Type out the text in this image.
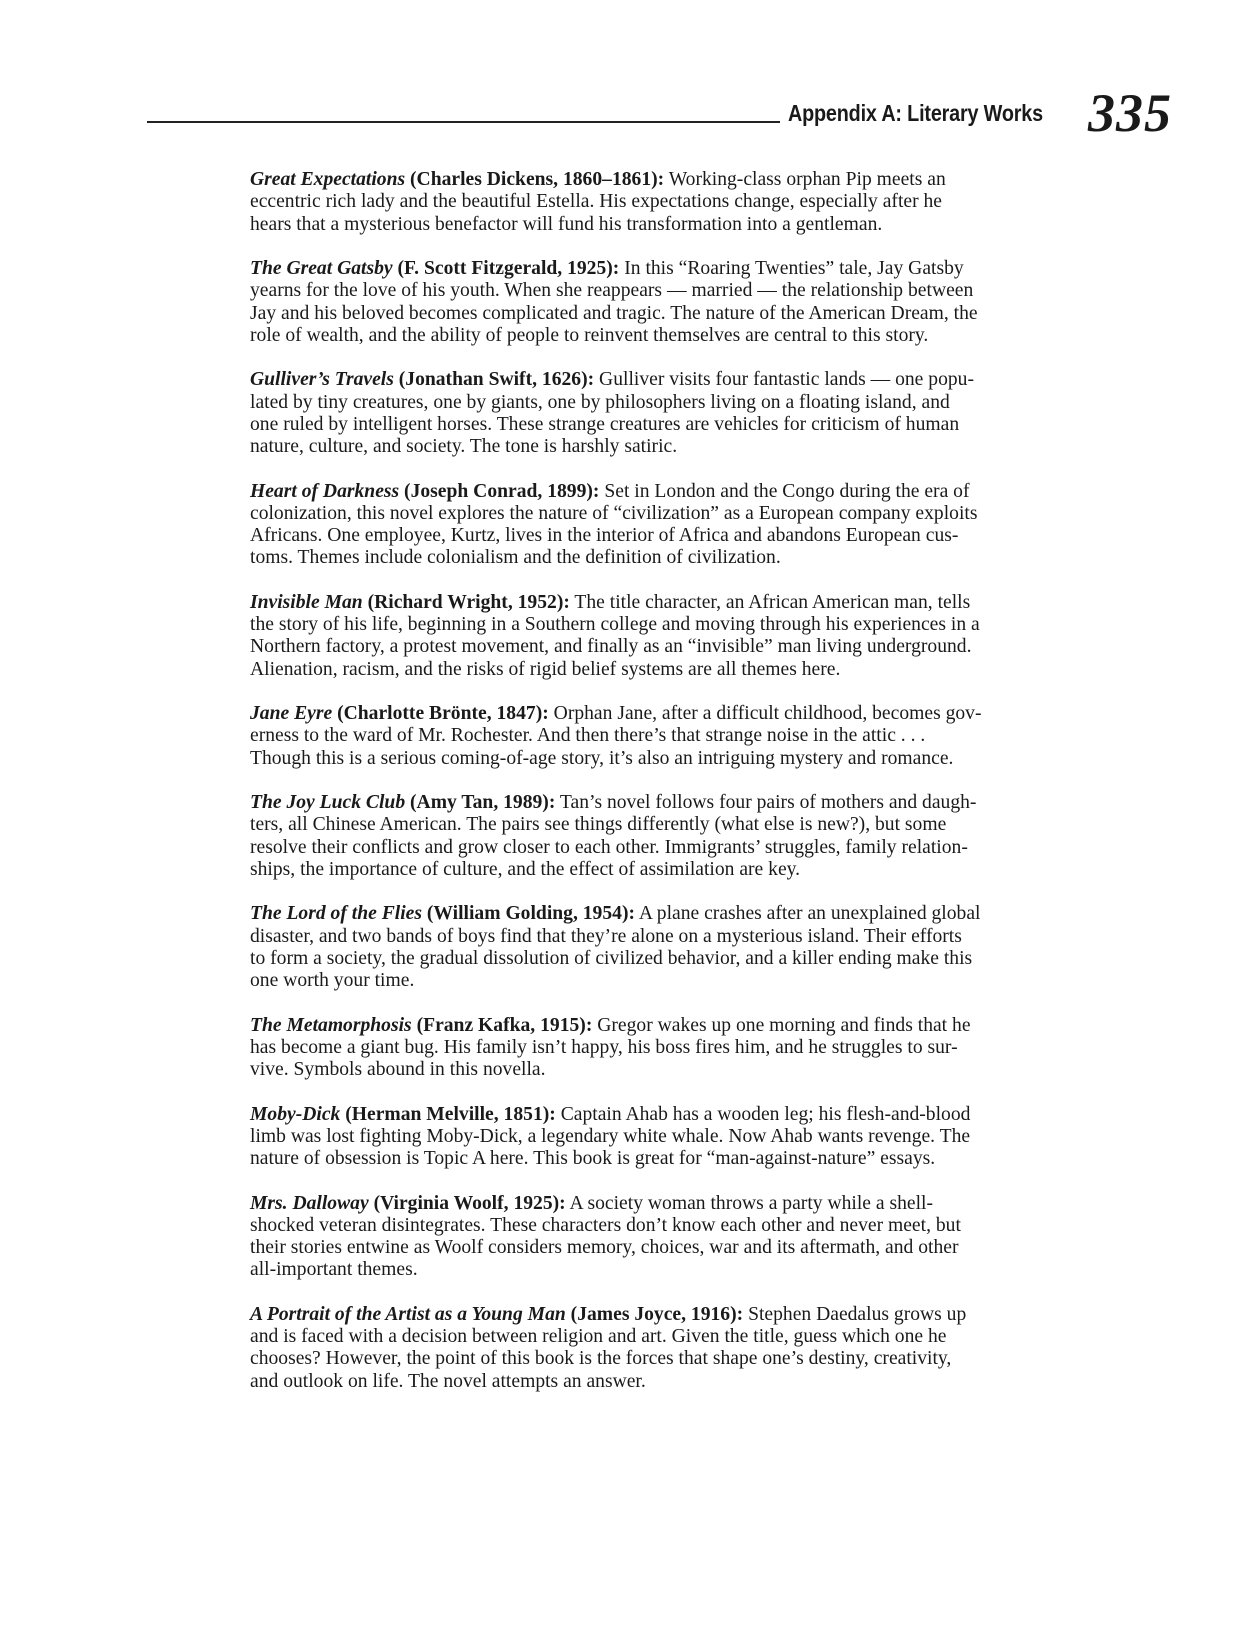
Appendix A: Literary Works 335
Great Expectations (Charles Dickens, 1860–1861): Working-class orphan Pip meets an
eccentric rich lady and the beautiful Estella. His expectations change, especially after he
hears that a mysterious benefactor will fund his transformation into a gentleman.
The Great Gatsby (F. Scott Fitzgerald, 1925): In this “Roaring Twenties” tale, Jay Gatsby
yearns for the love of his youth. When she reappears — married — the relationship between
Jay and his beloved becomes complicated and tragic. The nature of the American Dream, the
role of wealth, and the ability of people to reinvent themselves are central to this story.
Gulliver’s Travels (Jonathan Swift, 1626): Gulliver visits four fantastic lands — one popu-
lated by tiny creatures, one by giants, one by philosophers living on a floating island, and
one ruled by intelligent horses. These strange creatures are vehicles for criticism of human
nature, culture, and society. The tone is harshly satiric.
Heart of Darkness (Joseph Conrad, 1899): Set in London and the Congo during the era of
colonization, this novel explores the nature of “civilization” as a European company exploits
Africans. One employee, Kurtz, lives in the interior of Africa and abandons European cus-
toms. Themes include colonialism and the definition of civilization.
Invisible Man (Richard Wright, 1952): The title character, an African American man, tells
the story of his life, beginning in a Southern college and moving through his experiences in a
Northern factory, a protest movement, and finally as an “invisible” man living underground.
Alienation, racism, and the risks of rigid belief systems are all themes here.
Jane Eyre (Charlotte Brönte, 1847): Orphan Jane, after a difficult childhood, becomes gov-
erness to the ward of Mr. Rochester. And then there’s that strange noise in the attic . . .
Though this is a serious coming-of-age story, it’s also an intriguing mystery and romance.
The Joy Luck Club (Amy Tan, 1989): Tan’s novel follows four pairs of mothers and daugh-
ters, all Chinese American. The pairs see things differently (what else is new?), but some
resolve their conflicts and grow closer to each other. Immigrants’ struggles, family relation-
ships, the importance of culture, and the effect of assimilation are key.
The Lord of the Flies (William Golding, 1954): A plane crashes after an unexplained global
disaster, and two bands of boys find that they’re alone on a mysterious island. Their efforts
to form a society, the gradual dissolution of civilized behavior, and a killer ending make this
one worth your time.
The Metamorphosis (Franz Kafka, 1915): Gregor wakes up one morning and finds that he
has become a giant bug. His family isn’t happy, his boss fires him, and he struggles to sur-
vive. Symbols abound in this novella.
Moby-Dick (Herman Melville, 1851): Captain Ahab has a wooden leg; his flesh-and-blood
limb was lost fighting Moby-Dick, a legendary white whale. Now Ahab wants revenge. The
nature of obsession is Topic A here. This book is great for “man-against-nature” essays.
Mrs. Dalloway (Virginia Woolf, 1925): A society woman throws a party while a shell-
shocked veteran disintegrates. These characters don’t know each other and never meet, but
their stories entwine as Woolf considers memory, choices, war and its aftermath, and other
all-important themes.
A Portrait of the Artist as a Young Man (James Joyce, 1916): Stephen Daedalus grows up
and is faced with a decision between religion and art. Given the title, guess which one he
chooses? However, the point of this book is the forces that shape one’s destiny, creativity,
and outlook on life. The novel attempts an answer.
